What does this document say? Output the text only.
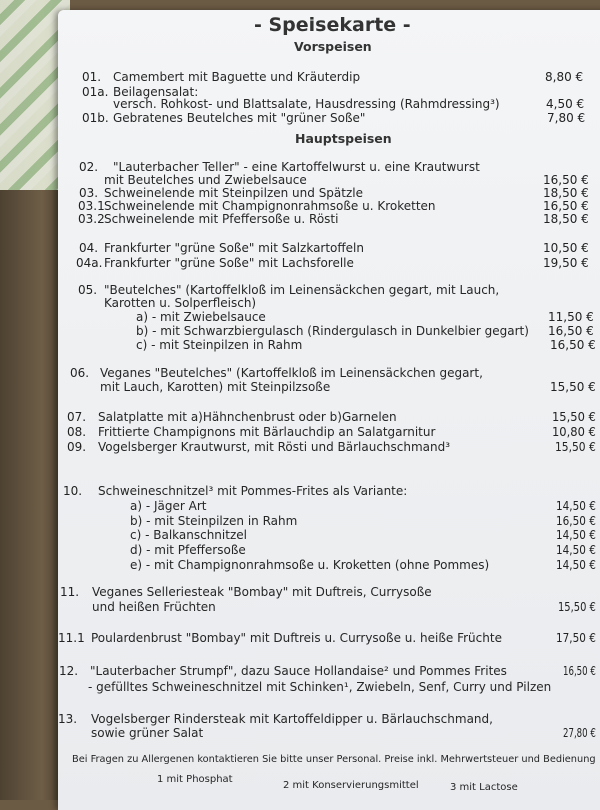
- Speisekarte -
Vorspeisen
Hauptspeisen
01. Camembert mit Baguette und Kräuterdip	8,80 €
01a. Beilagensalat:
versch. Rohkost- und Blattsalate, Hausdressing (Rahmdressing³)	4,50 €
01b. Gebratenes Beutelches mit "grüner Soße"	7,80 €
02. "Lauterbacher Teller" - eine Kartoffelwurst u. eine Krautwurst
mit Beutelches und Zwiebelsauce	16,50 €
03. Schweinelende mit Steinpilzen und Spätzle	18,50 €
03.1 Schweinelende mit Champignonrahmsoße u. Kroketten	16,50 €
03.2 Schweinelende mit Pfeffersoße u. Rösti	18,50 €
04. Frankfurter "grüne Soße" mit Salzkartoffeln	10,50 €
04a. Frankfurter "grüne Soße" mit Lachsforelle	19,50 €
05. "Beutelches" (Kartoffelkloß im Leinensäckchen gegart, mit Lauch,
Karotten u. Solperfleisch)
a) - mit Zwiebelsauce	11,50 €
b) - mit Schwarzbiergulasch (Rindergulasch in Dunkelbier gegart) 16,50 €
c) - mit Steinpilzen in Rahm	16,50 €
06. Veganes "Beutelches" (Kartoffelkloß im Leinensäckchen gegart,
mit Lauch, Karotten) mit Steinpilzsoße	15,50 €
07. Salatplatte mit a)Hähnchenbrust oder b)Garnelen	15,50 €
08. Frittierte Champignons mit Bärlauchdip an Salatgarnitur	10,80 €
09. Vogelsberger Krautwurst, mit Rösti und Bärlauchschmand³	15,50 €
10. Schweineschnitzel³ mit Pommes-Frites als Variante:
a) - Jäger Art	14,50 €
b) - mit Steinpilzen in Rahm	16,50 €
c) - Balkanschnitzel	14,50 €
d) - mit Pfeffersoße	14,50 €
e) - mit Champignonrahmsoße u. Kroketten (ohne Pommes)	14,50 €
11. Veganes Selleriesteak "Bombay" mit Duftreis, Currysoße
und heißen Früchten	15,50 €
11.1 Poulardenbrust "Bombay" mit Duftreis u. Currysoße u. heiße Früchte	17,50 €
12. "Lauterbacher Strumpf", dazu Sauce Hollandaise² und Pommes Frites	16,50 €
- gefülltes Schweineschnitzel mit Schinken¹, Zwiebeln, Senf, Curry und Pilzen
13. Vogelsberger Rindersteak mit Kartoffeldipper u. Bärlauchschmand,
sowie grüner Salat	27,80 €
Bei Fragen zu Allergenen kontaktieren Sie bitte unser Personal. Preise inkl. Mehrwertsteuer und Bedienung
1 mit Phosphat
2 mit Konservierungsmittel	3 mit Lactose
